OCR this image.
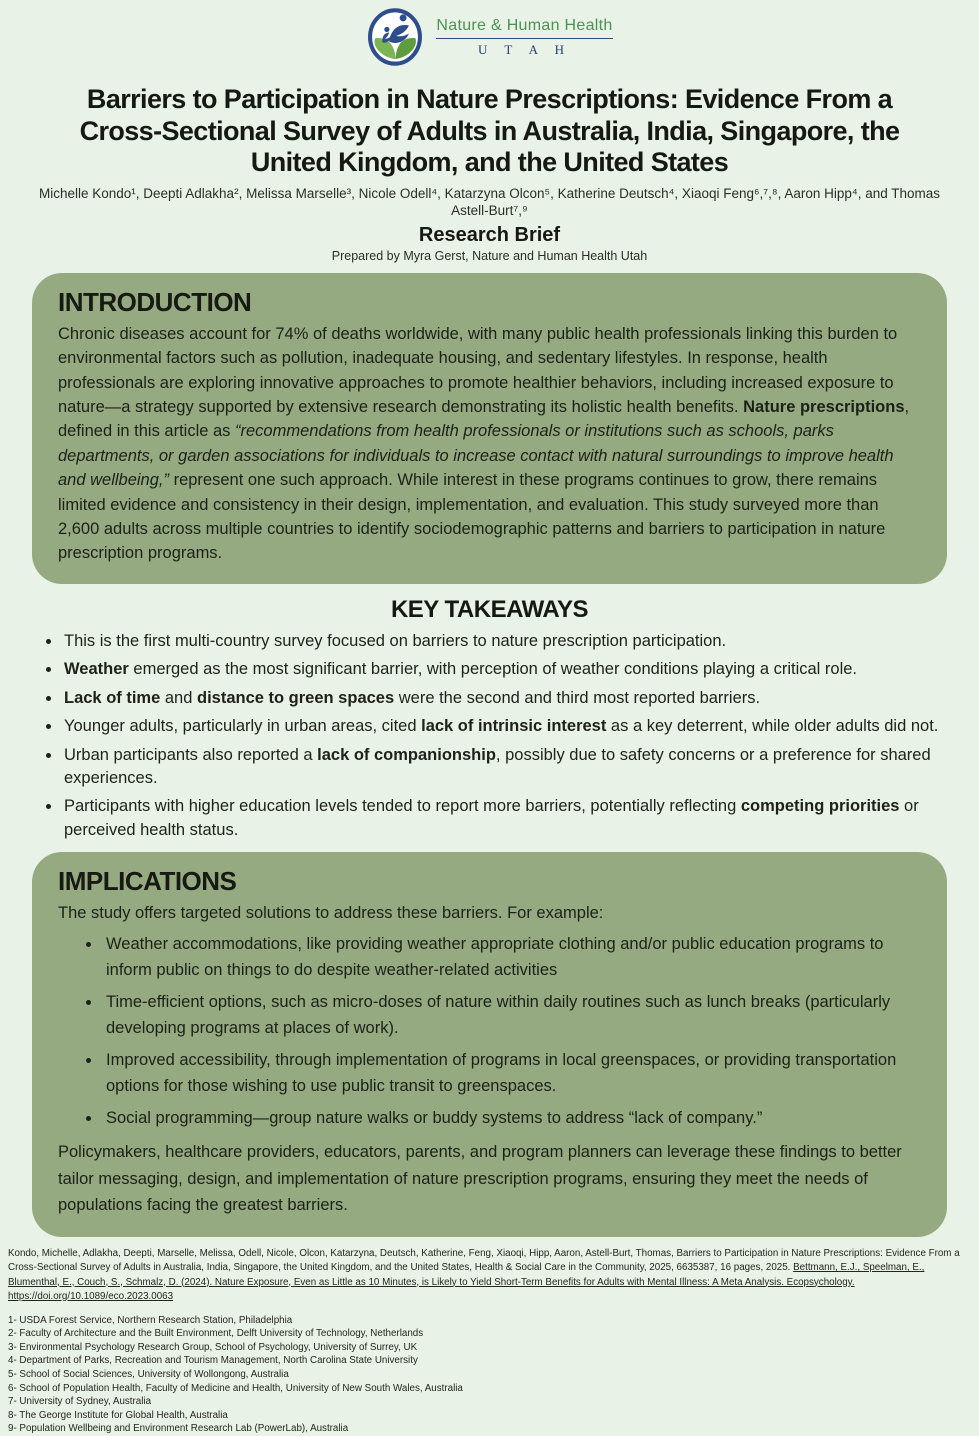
Nature & Human Health
U T A H
Barriers to Participation in Nature Prescriptions: Evidence From a Cross-Sectional Survey of Adults in Australia, India, Singapore, the United Kingdom, and the United States
Michelle Kondo¹, Deepti Adlakha², Melissa Marselle³, Nicole Odell⁴, Katarzyna Olcon⁵, Katherine Deutsch⁴, Xiaoqi Feng⁶,⁷,⁸, Aaron Hipp⁴, and Thomas Astell-Burt⁷,⁹
Research Brief
Prepared by Myra Gerst, Nature and Human Health Utah
INTRODUCTION

Chronic diseases account for 74% of deaths worldwide, with many public health professionals linking this burden to environmental factors such as pollution, inadequate housing, and sedentary lifestyles. In response, health professionals are exploring innovative approaches to promote healthier behaviors, including increased exposure to nature—a strategy supported by extensive research demonstrating its holistic health benefits. Nature prescriptions, defined in this article as “recommendations from health professionals or institutions such as schools, parks departments, or garden associations for individuals to increase contact with natural surroundings to improve health and wellbeing,” represent one such approach. While interest in these programs continues to grow, there remains limited evidence and consistency in their design, implementation, and evaluation. This study surveyed more than 2,600 adults across multiple countries to identify sociodemographic patterns and barriers to participation in nature prescription programs.

KEY TAKEAWAYS
• This is the first multi-country survey focused on barriers to nature prescription participation.
• Weather emerged as the most significant barrier, with perception of weather conditions playing a critical role.
• Lack of time and distance to green spaces were the second and third most reported barriers.
• Younger adults, particularly in urban areas, cited lack of intrinsic interest as a key deterrent, while older adults did not.
• Urban participants also reported a lack of companionship, possibly due to safety concerns or a preference for shared experiences.
• Participants with higher education levels tended to report more barriers, potentially reflecting competing priorities or perceived health status.
IMPLICATIONS

The study offers targeted solutions to address these barriers. For example:

• Weather accommodations, like providing weather appropriate clothing and/or public education programs to inform public on things to do despite weather-related activities
• Time-efficient options, such as micro-doses of nature within daily routines such as lunch breaks (particularly developing programs at places of work).
• Improved accessibility, through implementation of programs in local greenspaces, or providing transportation options for those wishing to use public transit to greenspaces.
• Social programming—group nature walks or buddy systems to address “lack of company.”

Policymakers, healthcare providers, educators, parents, and program planners can leverage these findings to better tailor messaging, design, and implementation of nature prescription programs, ensuring they meet the needs of populations facing the greatest barriers.

Kondo, Michelle, Adlakha, Deepti, Marselle, Melissa, Odell, Nicole, Olcon, Katarzyna, Deutsch, Katherine, Feng, Xiaoqi, Hipp, Aaron, Astell-Burt, Thomas, Barriers to Participation in Nature Prescriptions: Evidence From a Cross-Sectional Survey of Adults in Australia, India, Singapore, the United Kingdom, and the United States, Health & Social Care in the Community, 2025, 6635387, 16 pages, 2025. Bettmann, E.J., Speelman, E., Blumenthal, E., Couch, S., Schmalz, D. (2024). Nature Exposure, Even as Little as 10 Minutes, is Likely to Yield Short-Term Benefits for Adults with Mental Illness: A Meta Analysis. Ecopsychology. https://doi.org/10.1089/eco.2023.0063

1- USDA Forest Service, Northern Research Station, Philadelphia
2- Faculty of Architecture and the Built Environment, Delft University of Technology, Netherlands
3- Environmental Psychology Research Group, School of Psychology, University of Surrey, UK
4- Department of Parks, Recreation and Tourism Management, North Carolina State University
5- School of Social Sciences, University of Wollongong, Australia
6- School of Population Health, Faculty of Medicine and Health, University of New South Wales, Australia
7- University of Sydney, Australia
8- The George Institute for Global Health, Australia
9- Population Wellbeing and Environment Research Lab (PowerLab), Australia
